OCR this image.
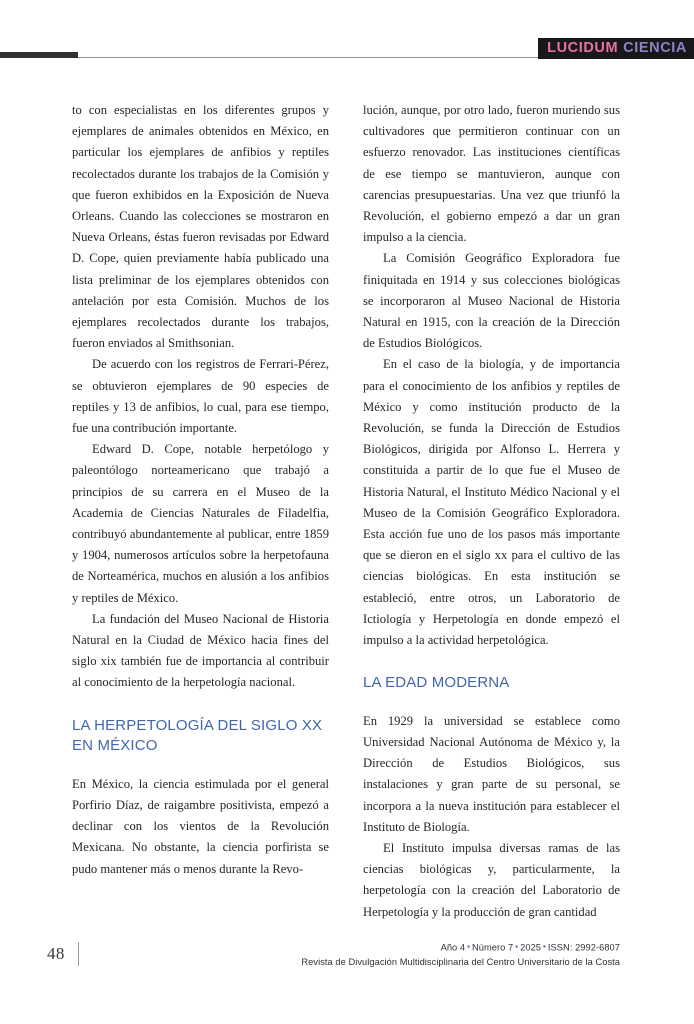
LUCIDUM CIENCIA

to con especialistas en los diferentes grupos y ejemplares de animales obtenidos en México, en particular los ejemplares de anfibios y reptiles recolectados durante los trabajos de la Comisión y que fueron exhibidos en la Exposición de Nueva Orleans. Cuando las colecciones se mostraron en Nueva Orleans, éstas fueron revisadas por Edward D. Cope, quien previamente había publicado una lista preliminar de los ejemplares obtenidos con antelación por esta Comisión. Muchos de los ejemplares recolectados durante los trabajos, fueron enviados al Smithsonian.

De acuerdo con los registros de Ferrari-Pérez, se obtuvieron ejemplares de 90 especies de reptiles y 13 de anfibios, lo cual, para ese tiempo, fue una contribución importante.

Edward D. Cope, notable herpetólogo y paleontólogo norteamericano que trabajó a principios de su carrera en el Museo de la Academia de Ciencias Naturales de Filadelfia, contribuyó abundantemente al publicar, entre 1859 y 1904, numerosos artículos sobre la herpetofauna de Norteamérica, muchos en alusión a los anfibios y reptiles de México.

La fundación del Museo Nacional de Historia Natural en la Ciudad de México hacia fines del siglo xix también fue de importancia al contribuir al conocimiento de la herpetología nacional.

LA HERPETOLOGÍA DEL SIGLO XX EN MÉXICO

En México, la ciencia estimulada por el general Porfirio Díaz, de raigambre positivista, empezó a declinar con los vientos de la Revolución Mexicana. No obstante, la ciencia porfirista se pudo mantener más o menos durante la Revo-

lución, aunque, por otro lado, fueron muriendo sus cultivadores que permitieron continuar con un esfuerzo renovador. Las instituciones científicas de ese tiempo se mantuvieron, aunque con carencias presupuestarias. Una vez que triunfó la Revolución, el gobierno empezó a dar un gran impulso a la ciencia.

La Comisión Geográfico Exploradora fue finiquitada en 1914 y sus colecciones biológicas se incorporaron al Museo Nacional de Historia Natural en 1915, con la creación de la Dirección de Estudios Biológicos.

En el caso de la biología, y de importancia para el conocimiento de los anfibios y reptiles de México y como institución producto de la Revolución, se funda la Dirección de Estudios Biológicos, dirigida por Alfonso L. Herrera y constituida a partir de lo que fue el Museo de Historia Natural, el Instituto Médico Nacional y el Museo de la Comisión Geográfico Exploradora. Esta acción fue uno de los pasos más importante que se dieron en el siglo xx para el cultivo de las ciencias biológicas. En esta institución se estableció, entre otros, un Laboratorio de Ictiología y Herpetología en donde empezó el impulso a la actividad herpetológica.

LA EDAD MODERNA

En 1929 la universidad se establece como Universidad Nacional Autónoma de México y, la Dirección de Estudios Biológicos, sus instalaciones y gran parte de su personal, se incorpora a la nueva institución para establecer el Instituto de Biología.

El Instituto impulsa diversas ramas de las ciencias biológicas y, particularmente, la herpetología con la creación del Laboratorio de Herpetología y la producción de gran cantidad

48	Año 4 ▪ Número 7 ▪ 2025 ▪ ISSN: 2992-6807
Revista de Divulgación Multidisciplinaria del Centro Universitario de la Costa
